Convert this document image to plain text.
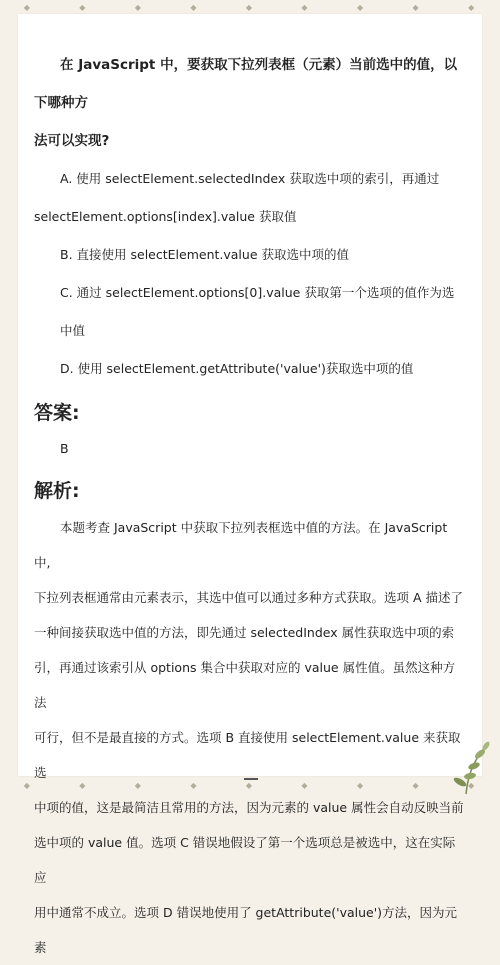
◆	◆	◆	◆	◆	◆	◆	◆	◆

在 JavaScript 中，要获取下拉列表框（元素）当前选中的值，以下哪种方

法可以实现?

A. 使用 selectElement.selectedIndex 获取选中项的索引，再通过

selectElement.options[index].value 获取值

B. 直接使用 selectElement.value 获取选中项的值

C. 通过 selectElement.options[0].value 获取第一个选项的值作为选中值

D. 使用 selectElement.getAttribute('value')获取选中项的值

答案:

B

解析:

本题考查 JavaScript 中获取下拉列表框选中值的方法。在 JavaScript 中,

下拉列表框通常由元素表示，其选中值可以通过多种方式获取。选项 A 描述了

一种间接获取选中值的方法，即先通过 selectedIndex 属性获取选中项的索

引，再通过该索引从 options 集合中获取对应的 value 属性值。虽然这种方法

可行，但不是最直接的方式。选项 B 直接使用 selectElement.value 来获取选

中项的值，这是最简洁且常用的方法，因为元素的 value 属性会自动反映当前

选中项的 value 值。选项 C 错误地假设了第一个选项总是被选中，这在实际应

用中通常不成立。选项 D 错误地使用了 getAttribute('value')方法，因为元素

◆	◆	◆	◆	◆	◆	◆	◆	◆
